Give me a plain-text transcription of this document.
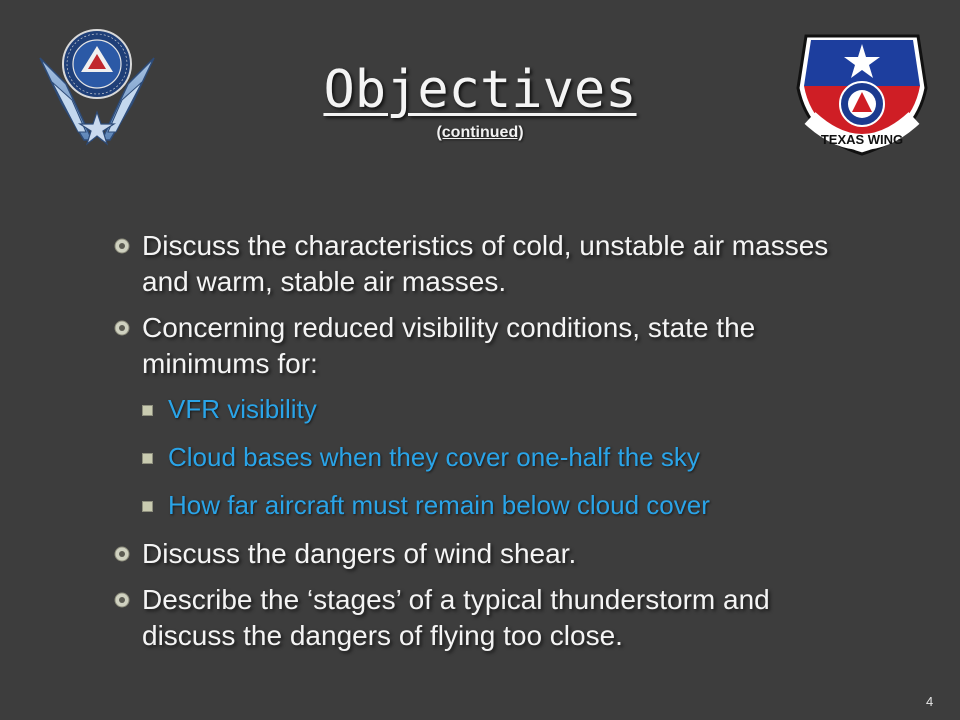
TEXAS WING
Objectives
(continued)
Discuss the characteristics of cold, unstable air masses and warm, stable air masses.
Concerning reduced visibility conditions, state the minimums for:
VFR visibility
Cloud bases when they cover one-half the sky
How far aircraft must remain below cloud cover
Discuss the dangers of wind shear.
Describe the ‘stages’ of a typical thunderstorm and discuss the dangers of flying too close.
4
